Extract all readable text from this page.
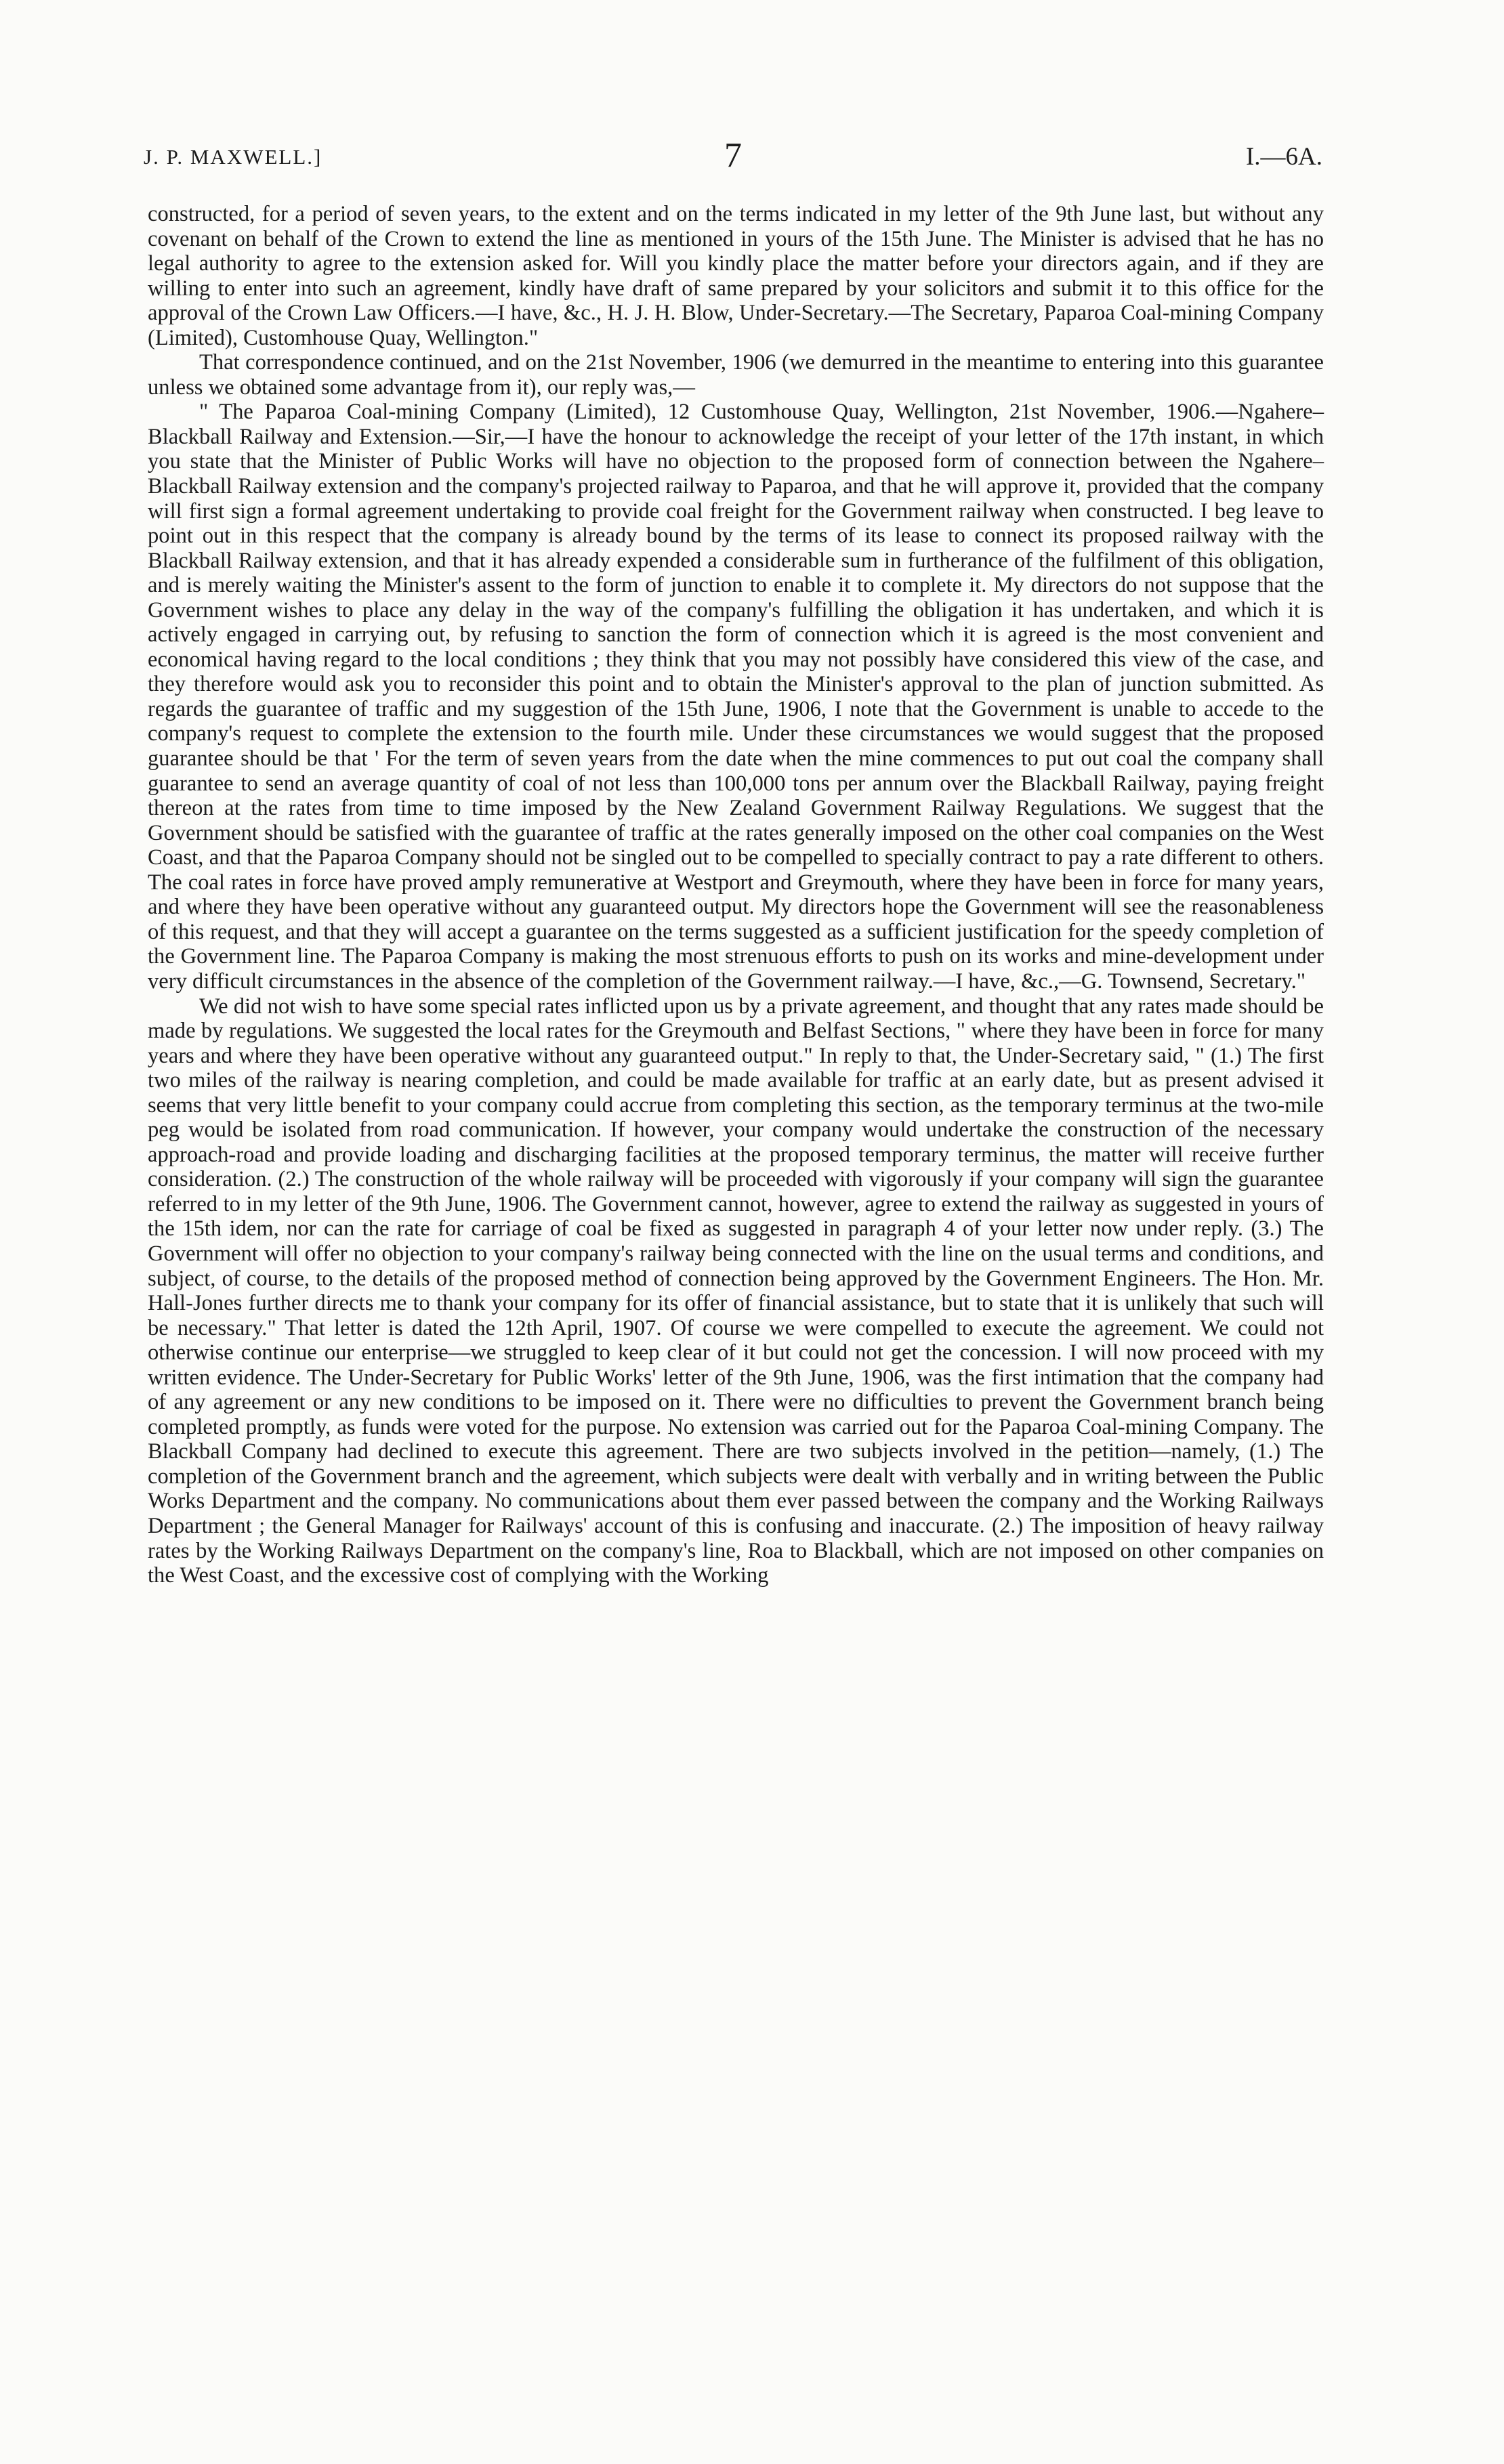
J. P. MAXWELL.]	7	I.—6A.

constructed, for a period of seven years, to the extent and on the terms indicated in my letter of the 9th June last, but without any covenant on behalf of the Crown to extend the line as mentioned in yours of the 15th June. The Minister is advised that he has no legal authority to agree to the extension asked for. Will you kindly place the matter before your directors again, and if they are willing to enter into such an agreement, kindly have draft of same prepared by your solicitors and submit it to this office for the approval of the Crown Law Officers.—I have, &c., H. J. H. Blow, Under-Secretary.—The Secretary, Paparoa Coal-mining Company (Limited), Customhouse Quay, Wellington."

That correspondence continued, and on the 21st November, 1906 (we demurred in the meantime to entering into this guarantee unless we obtained some advantage from it), our reply was,—

" The Paparoa Coal-mining Company (Limited), 12 Customhouse Quay, Wellington, 21st November, 1906.—Ngahere–Blackball Railway and Extension.—Sir,—I have the honour to acknowledge the receipt of your letter of the 17th instant, in which you state that the Minister of Public Works will have no objection to the proposed form of connection between the Ngahere–Blackball Railway extension and the company's projected railway to Paparoa, and that he will approve it, provided that the company will first sign a formal agreement undertaking to provide coal freight for the Government railway when constructed. I beg leave to point out in this respect that the company is already bound by the terms of its lease to connect its proposed railway with the Blackball Railway extension, and that it has already expended a considerable sum in furtherance of the fulfilment of this obligation, and is merely waiting the Minister's assent to the form of junction to enable it to complete it. My directors do not suppose that the Government wishes to place any delay in the way of the company's fulfilling the obligation it has undertaken, and which it is actively engaged in carrying out, by refusing to sanction the form of connection which it is agreed is the most convenient and economical having regard to the local conditions ; they think that you may not possibly have considered this view of the case, and they therefore would ask you to reconsider this point and to obtain the Minister's approval to the plan of junction submitted. As regards the guarantee of traffic and my suggestion of the 15th June, 1906, I note that the Government is unable to accede to the company's request to complete the extension to the fourth mile. Under these circumstances we would suggest that the proposed guarantee should be that ' For the term of seven years from the date when the mine commences to put out coal the company shall guarantee to send an average quantity of coal of not less than 100,000 tons per annum over the Blackball Railway, paying freight thereon at the rates from time to time imposed by the New Zealand Government Railway Regulations. We suggest that the Government should be satisfied with the guarantee of traffic at the rates generally imposed on the other coal companies on the West Coast, and that the Paparoa Company should not be singled out to be compelled to specially contract to pay a rate different to others. The coal rates in force have proved amply remunerative at Westport and Greymouth, where they have been in force for many years, and where they have been operative without any guaranteed output. My directors hope the Government will see the reasonableness of this request, and that they will accept a guarantee on the terms suggested as a sufficient justification for the speedy completion of the Government line. The Paparoa Company is making the most strenuous efforts to push on its works and mine-development under very difficult circumstances in the absence of the completion of the Government railway.—I have, &c.,—G. Townsend, Secretary."

We did not wish to have some special rates inflicted upon us by a private agreement, and thought that any rates made should be made by regulations. We suggested the local rates for the Greymouth and Belfast Sections, " where they have been in force for many years and where they have been operative without any guaranteed output." In reply to that, the Under-Secretary said, " (1.) The first two miles of the railway is nearing completion, and could be made available for traffic at an early date, but as present advised it seems that very little benefit to your company could accrue from completing this section, as the temporary terminus at the two-mile peg would be isolated from road communication. If however, your company would undertake the construction of the necessary approach-road and provide loading and discharging facilities at the proposed temporary terminus, the matter will receive further consideration. (2.) The construction of the whole railway will be proceeded with vigorously if your company will sign the guarantee referred to in my letter of the 9th June, 1906. The Government cannot, however, agree to extend the railway as suggested in yours of the 15th idem, nor can the rate for carriage of coal be fixed as suggested in paragraph 4 of your letter now under reply. (3.) The Government will offer no objection to your company's railway being connected with the line on the usual terms and conditions, and subject, of course, to the details of the proposed method of connection being approved by the Government Engineers. The Hon. Mr. Hall-Jones further directs me to thank your company for its offer of financial assistance, but to state that it is unlikely that such will be necessary." That letter is dated the 12th April, 1907. Of course we were compelled to execute the agreement. We could not otherwise continue our enterprise—we struggled to keep clear of it but could not get the concession. I will now proceed with my written evidence. The Under-Secretary for Public Works' letter of the 9th June, 1906, was the first intimation that the company had of any agreement or any new conditions to be imposed on it. There were no difficulties to prevent the Government branch being completed promptly, as funds were voted for the purpose. No extension was carried out for the Paparoa Coal-mining Company. The Blackball Company had declined to execute this agreement. There are two subjects involved in the petition—namely, (1.) The completion of the Government branch and the agreement, which subjects were dealt with verbally and in writing between the Public Works Department and the company. No communications about them ever passed between the company and the Working Railways Department ; the General Manager for Railways' account of this is confusing and inaccurate. (2.) The imposition of heavy railway rates by the Working Railways Department on the company's line, Roa to Blackball, which are not imposed on other companies on the West Coast, and the excessive cost of complying with the Working
